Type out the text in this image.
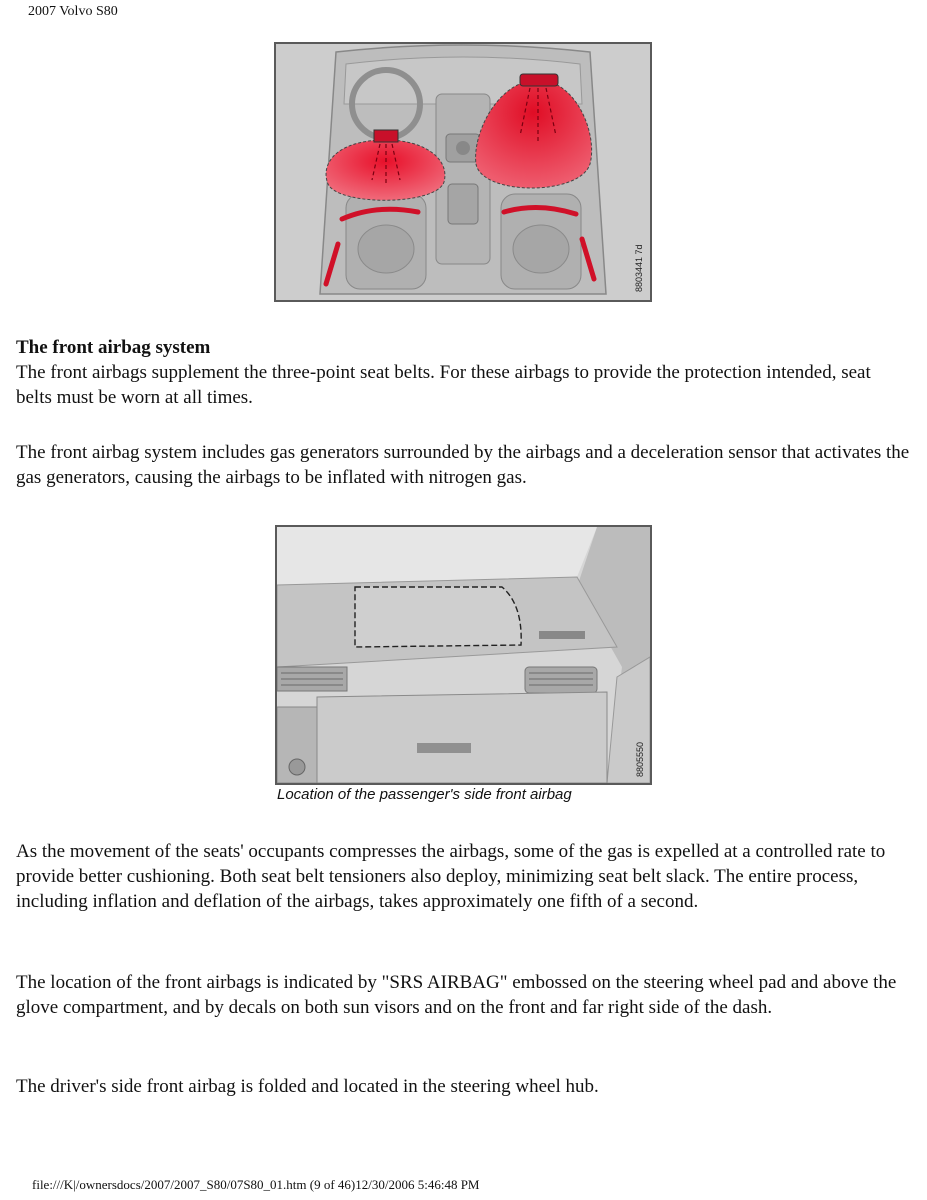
2007 Volvo S80
8803441 7d
The front airbag system
The front airbags supplement the three-point seat belts. For these airbags to provide the protection intended, seat belts must be worn at all times.

The front airbag system includes gas generators surrounded by the airbags and a deceleration sensor that activates the gas generators, causing the airbags to be inflated with nitrogen gas.

8805550
Location of the passenger's side front airbag

As the movement of the seats' occupants compresses the airbags, some of the gas is expelled at a controlled rate to provide better cushioning. Both seat belt tensioners also deploy, minimizing seat belt slack. The entire process, including inflation and deflation of the airbags, takes approximately one fifth of a second.

The location of the front airbags is indicated by "SRS AIRBAG" embossed on the steering wheel pad and above the glove compartment, and by decals on both sun visors and on the front and far right side of the dash.

The driver's side front airbag is folded and located in the steering wheel hub.

file:///K|/ownersdocs/2007/2007_S80/07S80_01.htm (9 of 46)12/30/2006 5:46:48 PM
